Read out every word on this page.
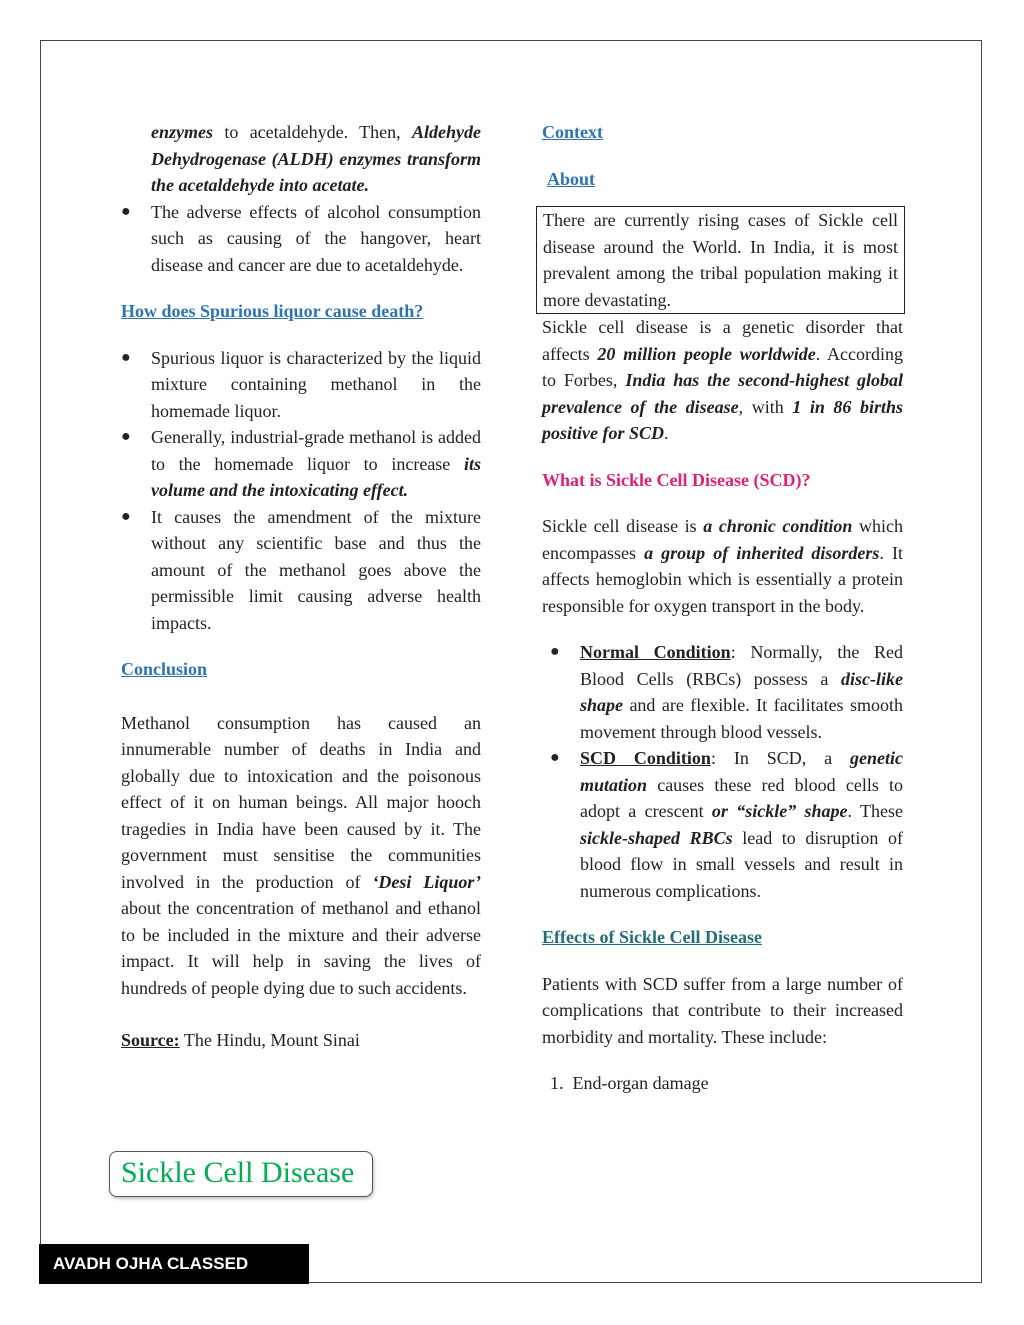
enzymes to acetaldehyde. Then, Aldehyde Dehydrogenase (ALDH) enzymes transform the acetaldehyde into acetate.

● The adverse effects of alcohol consumption such as causing of the hangover, heart disease and cancer are due to acetaldehyde.

How does Spurious liquor cause death?

● Spurious liquor is characterized by the liquid mixture containing methanol in the homemade liquor.
● Generally, industrial-grade methanol is added to the homemade liquor to increase its volume and the intoxicating effect.
● It causes the amendment of the mixture without any scientific base and thus the amount of the methanol goes above the permissible limit causing adverse health impacts.

Conclusion

Methanol consumption has caused an innumerable number of deaths in India and globally due to intoxication and the poisonous effect of it on human beings. All major hooch tragedies in India have been caused by it. The government must sensitise the communities involved in the production of ‘Desi Liquor’ about the concentration of methanol and ethanol to be included in the mixture and their adverse impact. It will help in saving the lives of hundreds of people dying due to such accidents.

Source: The Hindu, Mount Sinai

Sickle Cell Disease

Context

About

There are currently rising cases of Sickle cell disease around the World. In India, it is most prevalent among the tribal population making it more devastating.

Sickle cell disease is a genetic disorder that affects 20 million people worldwide. According to Forbes, India has the second-highest global prevalence of the disease, with 1 in 86 births positive for SCD.

What is Sickle Cell Disease (SCD)?

Sickle cell disease is a chronic condition which encompasses a group of inherited disorders. It affects hemoglobin which is essentially a protein responsible for oxygen transport in the body.

● Normal Condition: Normally, the Red Blood Cells (RBCs) possess a disc-like shape and are flexible. It facilitates smooth movement through blood vessels.
● SCD Condition: In SCD, a genetic mutation causes these red blood cells to adopt a crescent or “sickle” shape. These sickle-shaped RBCs lead to disruption of blood flow in small vessels and result in numerous complications.

Effects of Sickle Cell Disease

Patients with SCD suffer from a large number of complications that contribute to their increased morbidity and mortality. These include:

1. End-organ damage
AVADH OJHA CLASSED
